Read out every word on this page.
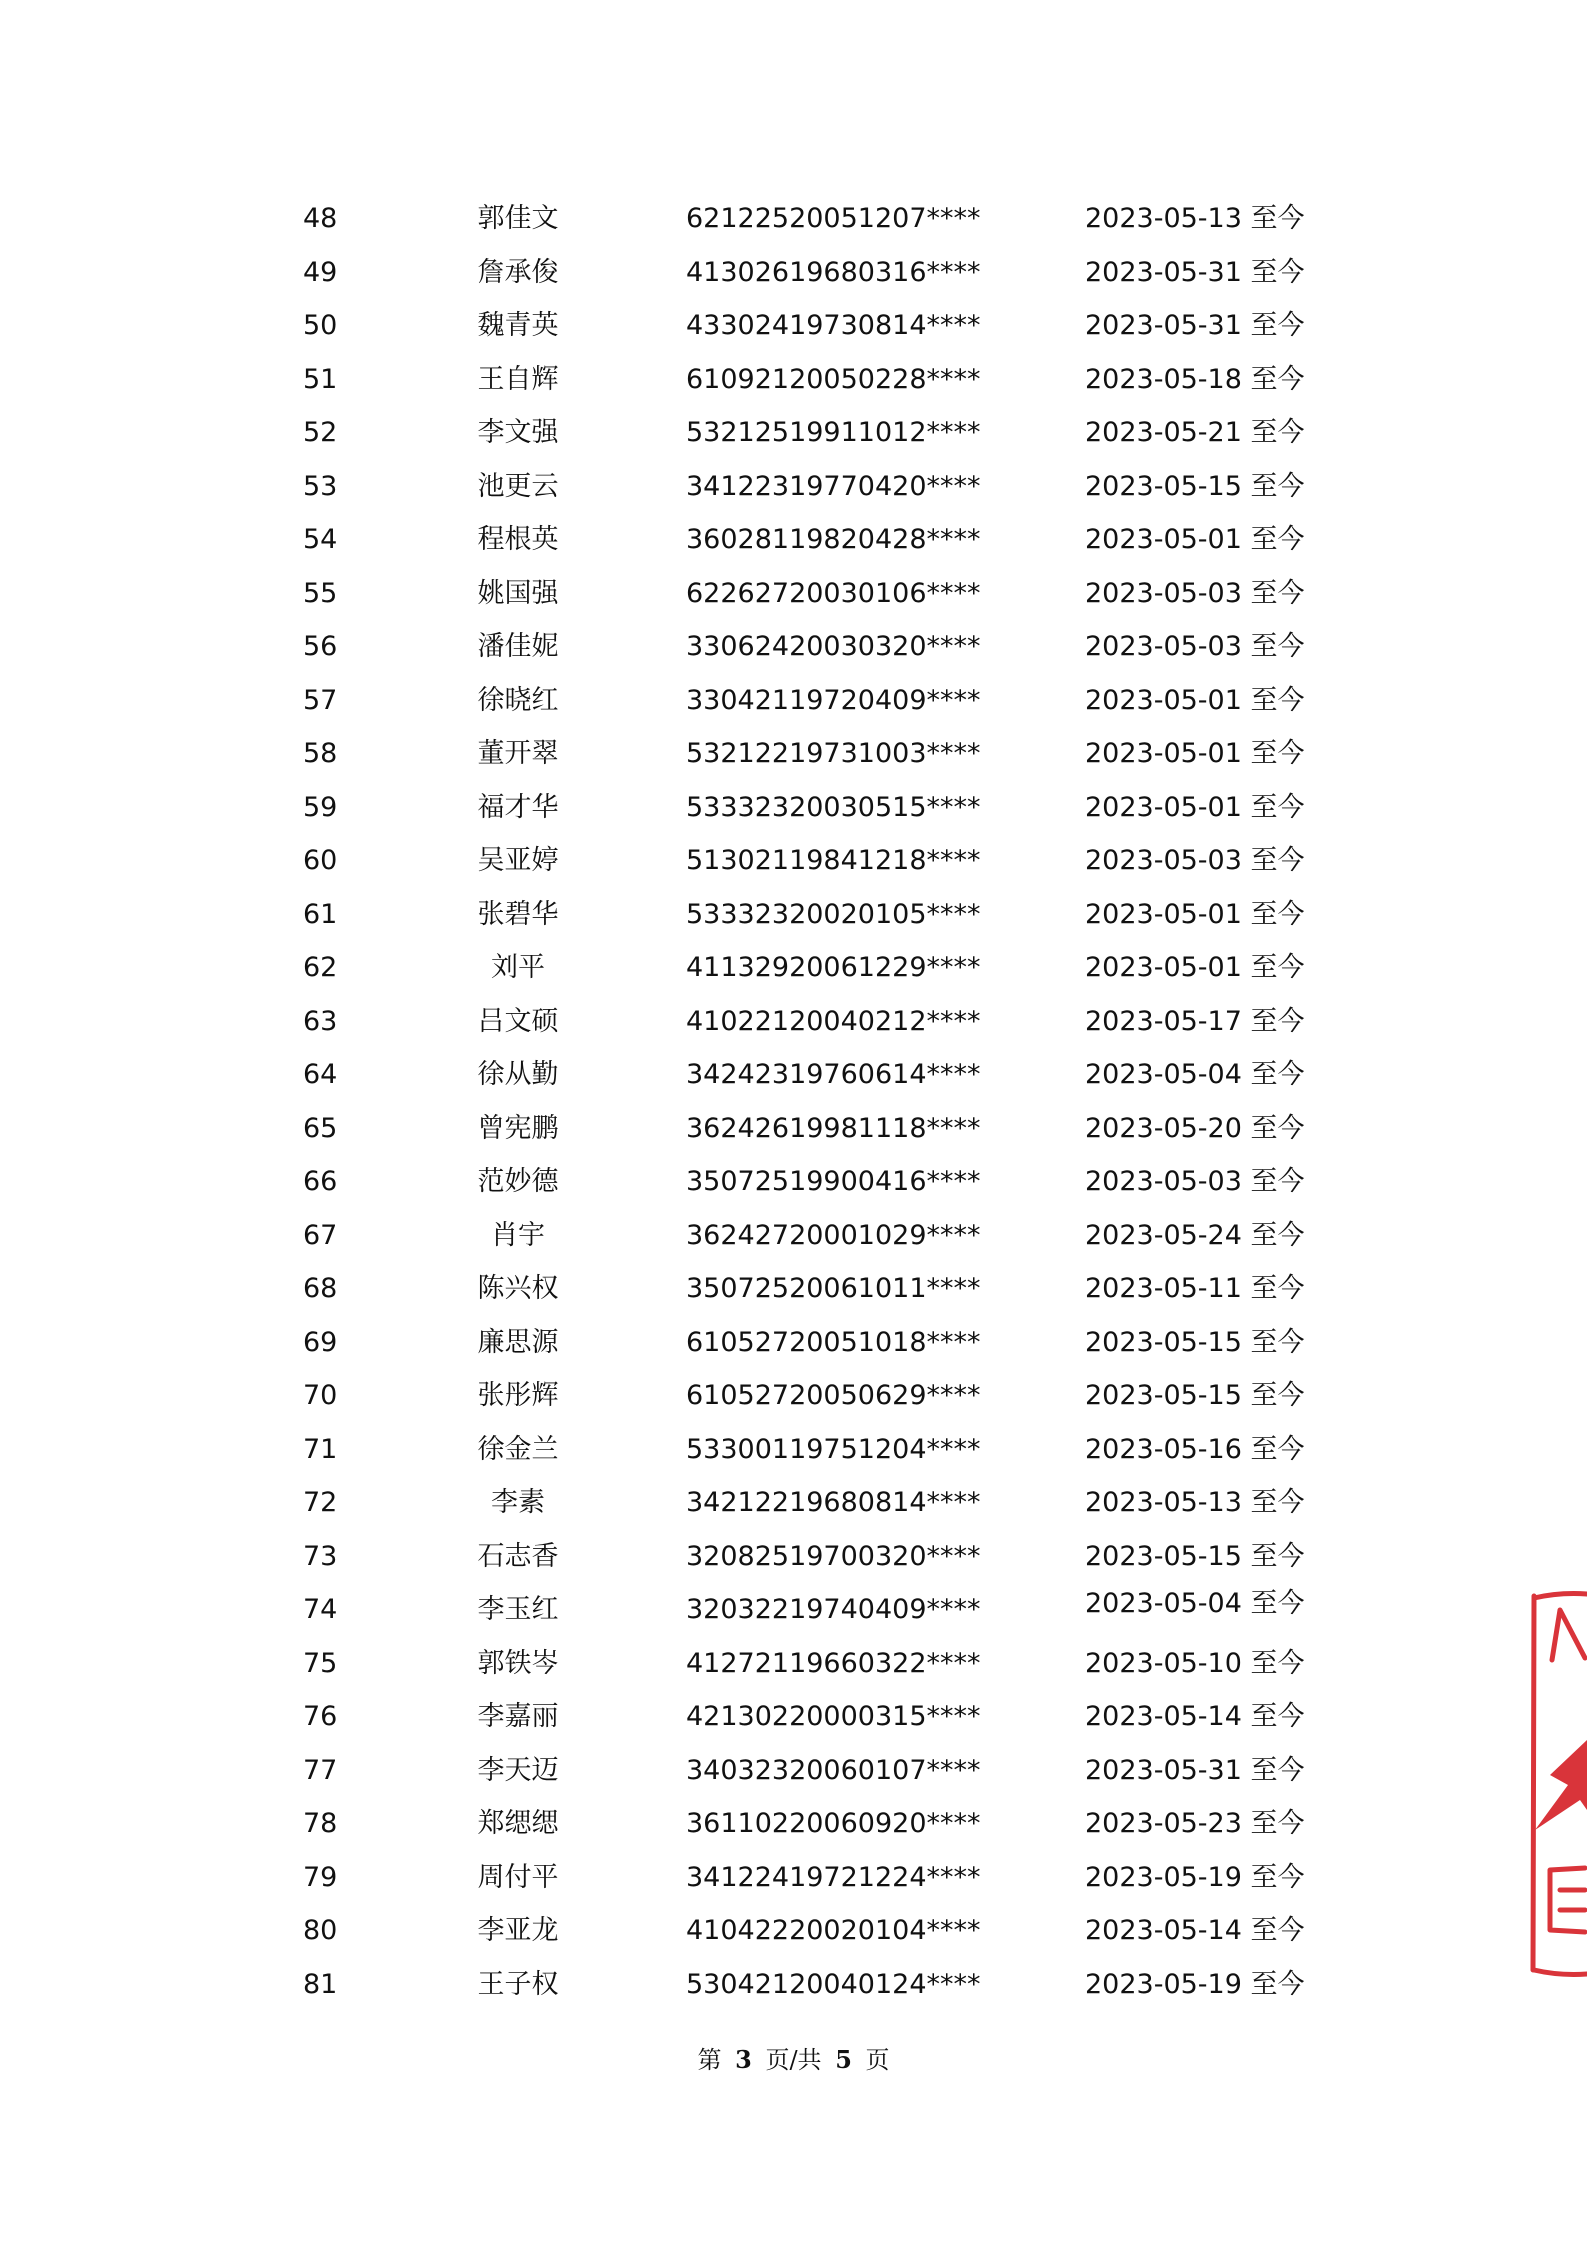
48	郭佳文	62122520051207****	2023-05-13 至今
49	詹承俊	41302619680316****	2023-05-31 至今
50	魏青英	43302419730814****	2023-05-31 至今
51	王自辉	61092120050228****	2023-05-18 至今
52	李文强	53212519911012****	2023-05-21 至今
53	池更云	34122319770420****	2023-05-15 至今
54	程根英	36028119820428****	2023-05-01 至今
55	姚国强	62262720030106****	2023-05-03 至今
56	潘佳妮	33062420030320****	2023-05-03 至今
57	徐晓红	33042119720409****	2023-05-01 至今
58	董开翠	53212219731003****	2023-05-01 至今
59	福才华	53332320030515****	2023-05-01 至今
60	吴亚婷	51302119841218****	2023-05-03 至今
61	张碧华	53332320020105****	2023-05-01 至今
62	刘平	41132920061229****	2023-05-01 至今
63	吕文硕	41022120040212****	2023-05-17 至今
64	徐从勤	34242319760614****	2023-05-04 至今
65	曾宪鹏	36242619981118****	2023-05-20 至今
66	范妙德	35072519900416****	2023-05-03 至今
67	肖宇	36242720001029****	2023-05-24 至今
68	陈兴权	35072520061011****	2023-05-11 至今
69	廉思源	61052720051018****	2023-05-15 至今
70	张彤辉	61052720050629****	2023-05-15 至今
71	徐金兰	53300119751204****	2023-05-16 至今
72	李素	34212219680814****	2023-05-13 至今
73	石志香	32082519700320****	2023-05-15 至今
74	李玉红	32032219740409****	2023-05-04 至今
75	郭铁岑	41272119660322****	2023-05-10 至今
76	李嘉丽	42130220000315****	2023-05-14 至今
77	李天迈	34032320060107****	2023-05-31 至今
78	郑缌缌	36110220060920****	2023-05-23 至今
79	周付平	34122419721224****	2023-05-19 至今
80	李亚龙	41042220020104****	2023-05-14 至今
81	王子权	53042120040124****	2023-05-19 至今
第 3 页/共 5 页
